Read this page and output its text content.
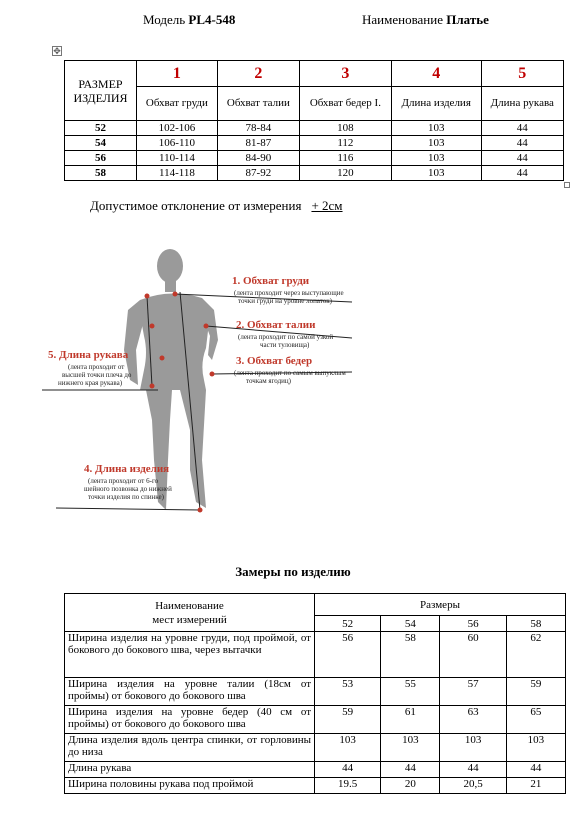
Модель PL4-548	Наименование Платье
✥
РАЗМЕР ИЗДЕЛИЯ	1	2	3	4	5
	Обхват груди	Обхват талии	Обхват бедер I.	Длина изделия	Длина рукава
52	102-106	78-84	108	103	44
54	106-110	81-87	112	103	44
56	110-114	84-90	116	103	44
58	114-118	87-92	120	103	44
Допустимое отклонение от измерения + 2см
1. Обхват груди
(лента проходит через выступающие
точки груди на уровне лопаток)
2. Обхват талии
(лента проходит по самой узкой
части туловища)
3. Обхват бедер
(лента проходит по самым выпуклым
точкам ягодиц)
5. Длина рукава
(лента проходит от
высшей точки плеча до
нижнего края рукава)
4. Длина изделия
(лента проходит от 6-го
шейного позвонка до нижней
точки изделия по спинке)
Замеры по изделию
Наименование
мест измерений	Размеры			
	52	54	56	58
Ширина изделия на уровне груди, под проймой, от бокового до бокового шва, через вытачки	56	58	60	62
Ширина изделия на уровне талии (18см от проймы) от бокового до бокового шва	53	55	57	59
Ширина изделия на уровне бедер (40 см от проймы) от бокового до бокового шва	59	61	63	65
Длина изделия вдоль центра спинки, от горловины до низа	103	103	103	103
Длина рукава	44	44	44	44
Ширина половины рукава под проймой	19.5	20	20,5	21
